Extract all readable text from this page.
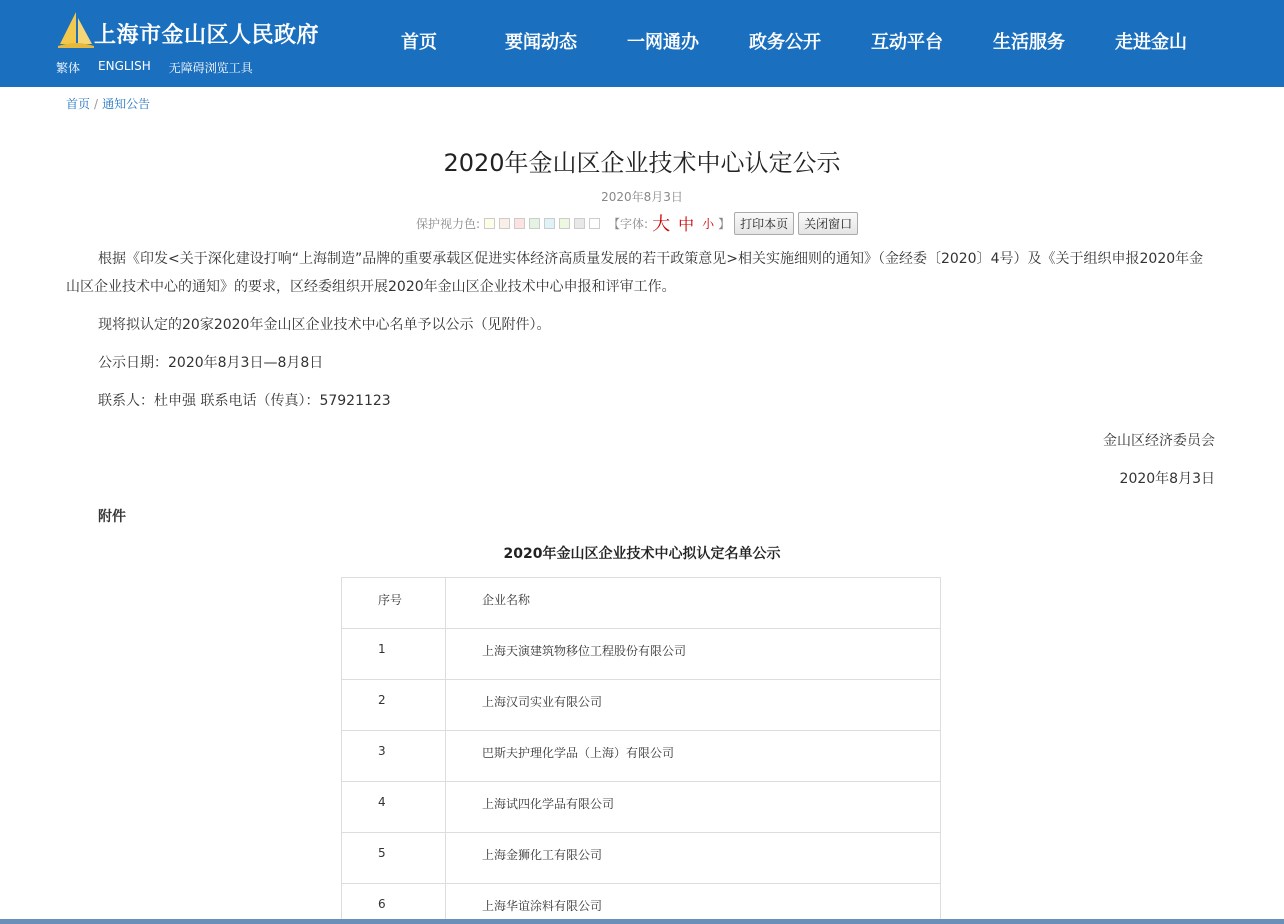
上海市金山区人民政府
繁体 ENGLISH 无障碍浏览工具
首页	要闻动态	一网通办	政务公开	互动平台	生活服务	走进金山
首页 / 通知公告
2020年金山区企业技术中心认定公示
2020年8月3日
保护视力色:	【字体: 大 中 小 】 打印本页	关闭窗口
根据《印发<关于深化建设打响“上海制造”品牌的重要承载区促进实体经济高质量发展的若干政策意见>相关实施细则的通知》（金经委〔2020〕4号）及《关于组织申报2020年金山区企业技术中心的通知》的要求，区经委组织开展2020年金山区企业技术中心申报和评审工作。
现将拟认定的20家2020年金山区企业技术中心名单予以公示（见附件）。
公示日期：2020年8月3日—8月8日
联系人：杜申强 联系电话（传真）：57921123
金山区经济委员会
2020年8月3日
附件
2020年金山区企业技术中心拟认定名单公示
序号	企业名称
1	上海天演建筑物移位工程股份有限公司
2	上海汉司实业有限公司
3	巴斯夫护理化学品（上海）有限公司
4	上海试四化学品有限公司
5	上海金狮化工有限公司
6	上海华谊涂料有限公司
